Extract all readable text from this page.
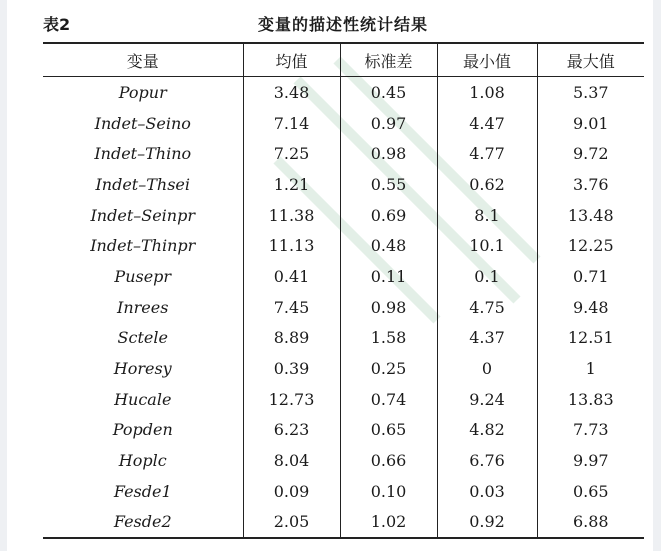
表2	变量的描述性统计结果
变量	均值	标准差	最小值	最大值
Popur	3.48	0.45	1.08	5.37
Indet–Seino	7.14	0.97	4.47	9.01
Indet–Thino	7.25	0.98	4.77	9.72
Indet–Thsei	1.21	0.55	0.62	3.76
Indet–Seinpr	11.38	0.69	8.1	13.48
Indet–Thinpr	11.13	0.48	10.1	12.25
Pusepr	0.41	0.11	0.1	0.71
Inrees	7.45	0.98	4.75	9.48
Sctele	8.89	1.58	4.37	12.51
Horesy	0.39	0.25	0	1
Hucale	12.73	0.74	9.24	13.83
Popden	6.23	0.65	4.82	7.73
Hoplc	8.04	0.66	6.76	9.97
Fesde1	0.09	0.10	0.03	0.65
Fesde2	2.05	1.02	0.92	6.88
